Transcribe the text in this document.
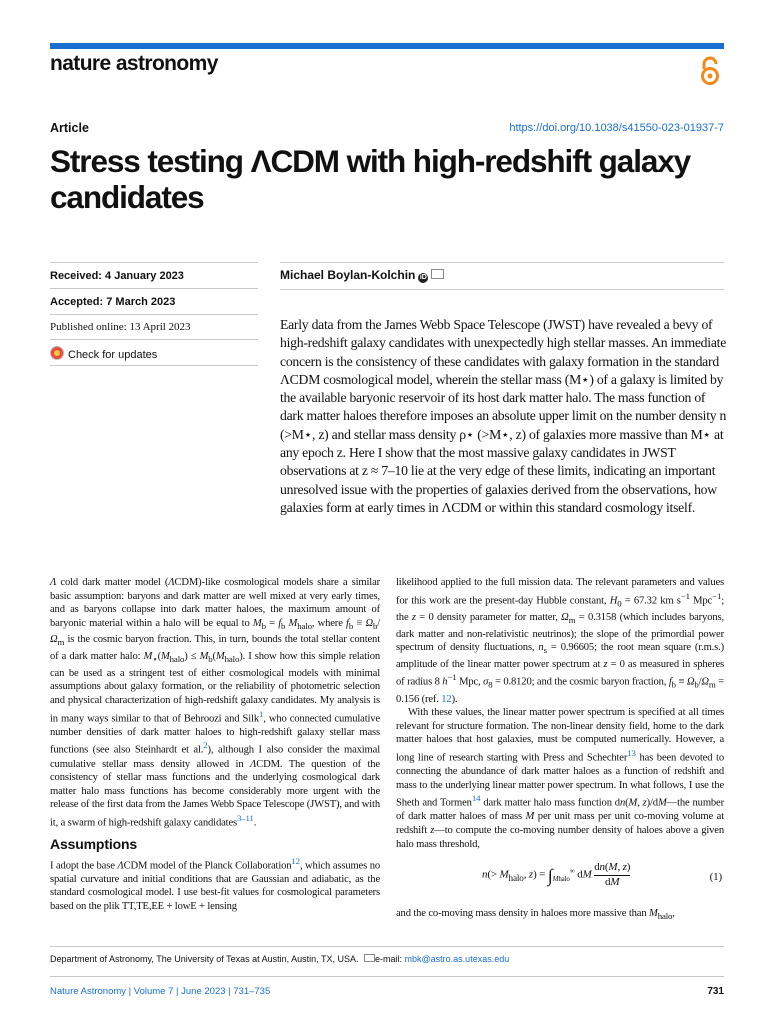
nature astronomy
Article	https://doi.org/10.1038/s41550-023-01937-7
Stress testing ΛCDM with high-redshift galaxy candidates
Received: 4 January 2023
Accepted: 7 March 2023
Published online: 13 April 2023
Check for updates
Michael Boylan-Kolchin iD

Early data from the James Webb Space Telescope (JWST) have revealed a bevy of high-redshift galaxy candidates with unexpectedly high stellar masses. An immediate concern is the consistency of these candidates with galaxy formation in the standard ΛCDM cosmological model, wherein the stellar mass (M⋆) of a galaxy is limited by the available baryonic reservoir of its host dark matter halo. The mass function of dark matter haloes therefore imposes an absolute upper limit on the number density n (>M⋆, z) and stellar mass density ρ⋆ (>M⋆, z) of galaxies more massive than M⋆ at any epoch z. Here I show that the most massive galaxy candidates in JWST observations at z ≈ 7–10 lie at the very edge of these limits, indicating an important unresolved issue with the properties of galaxies derived from the observations, how galaxies form at early times in ΛCDM or within this standard cosmology itself.

Λ cold dark matter model (ΛCDM)-like cosmological models share a similar basic assumption: baryons and dark matter are well mixed at very early times, and as baryons collapse into dark matter haloes, the maximum amount of baryonic material within a halo will be equal to $M_b = f_b$ $M_{halo}$, where $f_b \equiv \Omega_b/\Omega_m$ is the cosmic baryon fraction. This, in turn, bounds the total stellar content of a dark matter halo: $M_⋆(M_{halo}) \le M_b(M_{halo})$. I show how this simple relation can be used as a stringent test of either cosmological models with minimal assumptions about galaxy formation, or the reliability of photometric selection and physical characterization of high-redshift galaxy candidates. My analysis is in many ways similar to that of Behroozi and Silk$^1$, who connected cumulative number densities of dark matter haloes to high-redshift galaxy stellar mass functions (see also Steinhardt et al.$^2$), although I also consider the maximal cumulative stellar mass density allowed in ΛCDM. The question of the consistency of stellar mass functions and the underlying cosmological dark matter halo mass functions has become considerably more urgent with the release of the first data from the James Webb Space Telescope (JWST), and with it, a swarm of high-redshift galaxy candidates$^{3-11}$.

Assumptions

I adopt the base ΛCDM model of the Planck Collaboration$^{12}$, which assumes no spatial curvature and initial conditions that are Gaussian and adiabatic, as the standard cosmological model. I use best-fit values for cosmological parameters based on the plik TT,TE,EE + lowE + lensing

likelihood applied to the full mission data. The relevant parameters and values for this work are the present-day Hubble constant, $H_0 = 67.32$ km $s^{-1}$ Mpc$^{-1}$; the z = 0 density parameter for matter, $\Omega_m = 0.3158$ (which includes baryons, dark matter and non-relativistic neutrinos); the slope of the primordial power spectrum of density fluctuations, $n_s = 0.96605$; the root mean square (r.m.s.) amplitude of the linear matter power spectrum at z = 0 as measured in spheres of radius 8 $h^{-1}$ Mpc, $\sigma_8 = 0.8120$; and the cosmic baryon fraction, $f_b \equiv \Omega_b/\Omega_m = 0.156$ (ref. 12).

With these values, the linear matter power spectrum is specified at all times relevant for structure formation. The non-linear density field, home to the dark matter haloes that host galaxies, must be computed numerically. However, a long line of research starting with Press and Schechter$^{13}$ has been devoted to connecting the abundance of dark matter haloes as a function of redshift and mass to the underlying linear matter power spectrum. In what follows, I use the Sheth and Tormen$^{14}$ dark matter halo mass function dn(M, z)/dM—the number of dark matter haloes of mass M per unit mass per unit co-moving volume at redshift z—to compute the co-moving number density of haloes above a given halo mass threshold,

$n(> M_{halo}$, $z) = \int_{Mhalo}^\infty$ dM $\frac{dn(M, z)}{dM}$	(1)

and the co-moving mass density in haloes more massive than $M_{halo}$,

Department of Astronomy, The University of Texas at Austin, Austin, TX, USA. e-mail: mbk@astro.as.utexas.edu
Nature Astronomy | Volume 7 | June 2023 | 731–735	731
